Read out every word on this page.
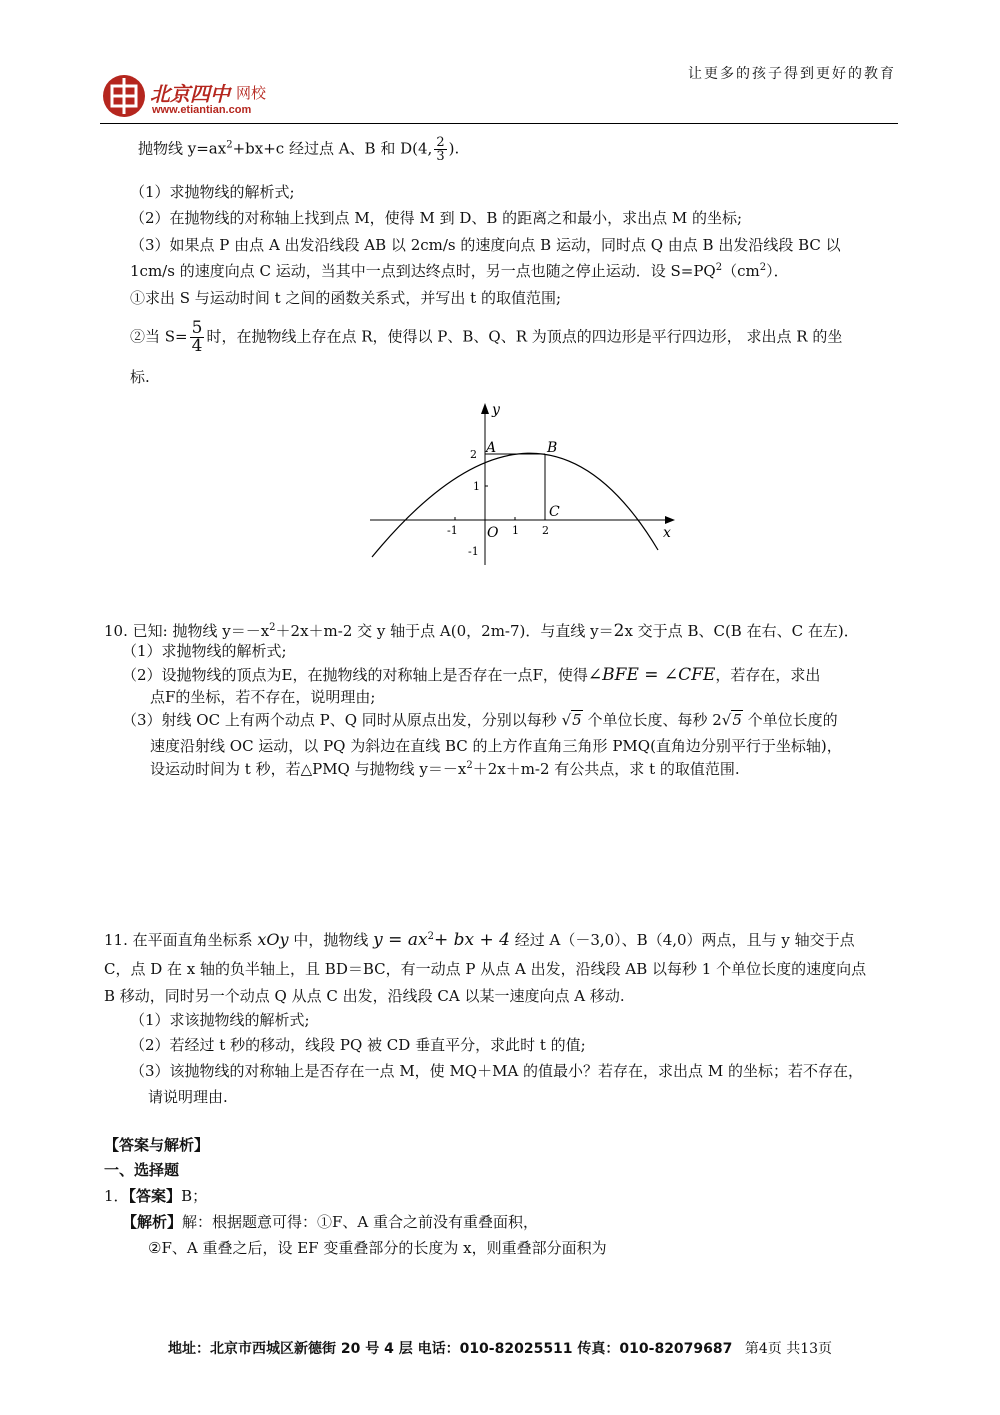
北京四中 网校
www.etiantian.com
让更多的孩子得到更好的教育
抛物线 $y=ax^2+bx+c$ 经过点 A、B 和 D(4, $\frac{2}{3}$ ).
（1）求抛物线的解析式;
（2）在抛物线的对称轴上找到点 M，使得 M 到 D、B 的距离之和最小，求出点 M 的坐标;
（3）如果点 P 由点 A 出发沿线段 AB 以 2cm/s 的速度向点 B 运动，同时点 Q 由点 B 出发沿线段 BC 以
1cm/s 的速度向点 C 运动，当其中一点到达终点时，另一点也随之停止运动．设 $S=PQ^2(cm^2)$．
①求出 S 与运动时间 t 之间的函数关系式，并写出 t 的取值范围;
②当 $S= \frac{5}{4}$ 时，在抛物线上存在点 R，使得以 P、B、Q、R 为顶点的四边形是平行四边形， 求出点 R 的坐
标.
y
x
O
A	B
C
-1	1 2
2
1
-1
10. 已知: 抛物线 $y=-x^2+2x+m-2$ 交 y 轴于点 A(0，2m-7)．与直线 y＝2x 交于点 B、C(B 在右、C 在左)．
（1）求抛物线的解析式;
（2）设抛物线的顶点为E，在抛物线的对称轴上是否存在一点F，使得∠BFE = ∠CFE，若存在，求出
点F的坐标，若不存在，说明理由;
（3）射线 OC 上有两个动点 P、Q 同时从原点出发，分别以每秒 √5 个单位长度、每秒 2√5 个单位长度的
速度沿射线 OC 运动，以 PQ 为斜边在直线 BC 的上方作直角三角形 PMQ(直角边分别平行于坐标轴)，
设运动时间为 t 秒，若△PMQ 与抛物线 $y=-x^2+2x+m-2$ 有公共点，求 t 的取值范围.
11. 在平面直角坐标系 xOy 中，抛物线 $y = ax^2+$ bx + 4 经过 A（－3,0）、B（4,0）两点，且与 y 轴交于点
C，点 D 在 x 轴的负半轴上，且 BD＝BC，有一动点 P 从点 A 出发，沿线段 AB 以每秒 1 个单位长度的速度向点
B 移动，同时另一个动点 Q 从点 C 出发，沿线段 CA 以某一速度向点 A 移动.
（1）求该抛物线的解析式;
（2）若经过 t 秒的移动，线段 PQ 被 CD 垂直平分，求此时 t 的值;
（3）该抛物线的对称轴上是否存在一点 M，使 MQ＋MA 的值最小？若存在，求出点 M 的坐标；若不存在，
请说明理由.
【答案与解析】
一、选择题
1．【答案】B；
【解析】解：根据题意可得：①F、A 重合之前没有重叠面积，
②F、A 重叠之后，设 EF 变重叠部分的长度为 x，则重叠部分面积为
地址：北京市西城区新德街 20 号 4 层 电话：010-82025511 传真：010-82079687 第4页 共13页
